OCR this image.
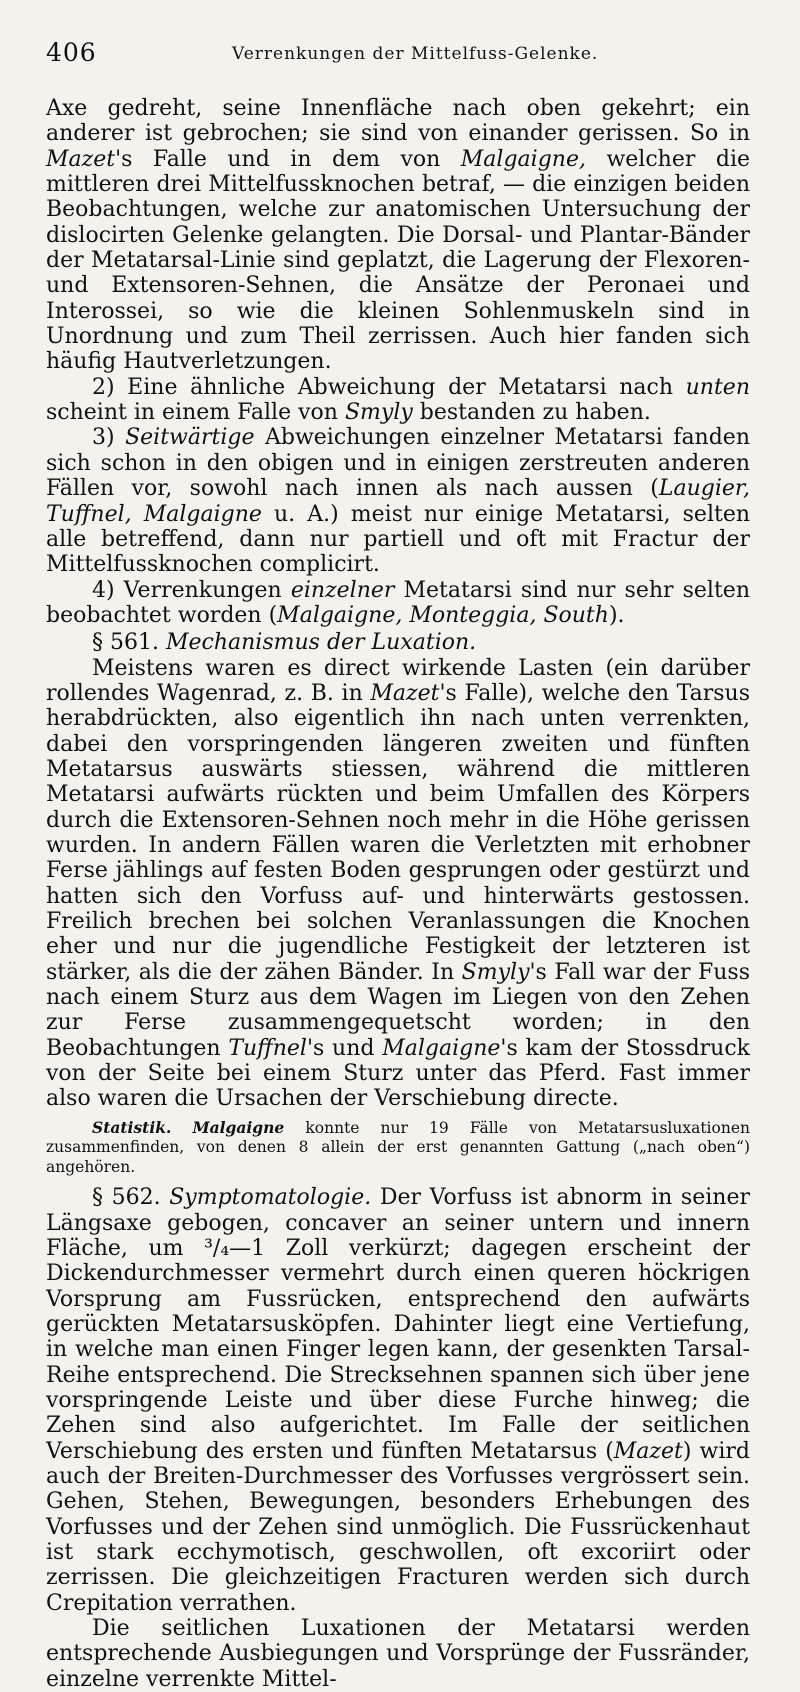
406	Verrenkungen der Mittelfuss-Gelenke.

Axe gedreht, seine Innenfläche nach oben gekehrt; ein anderer ist gebrochen; sie sind von einander gerissen. So in Mazet's Falle und in dem von Malgaigne, welcher die mittleren drei Mittelfussknochen betraf, — die einzigen beiden Beobachtungen, welche zur anatomischen Untersuchung der dislocirten Gelenke gelangten. Die Dorsal- und Plantar-Bänder der Metatarsal-Linie sind geplatzt, die Lagerung der Flexoren- und Extensoren-Sehnen, die Ansätze der Peronaei und Interossei, so wie die kleinen Sohlenmuskeln sind in Unordnung und zum Theil zerrissen. Auch hier fanden sich häufig Hautverletzungen.

2) Eine ähnliche Abweichung der Metatarsi nach unten scheint in einem Falle von Smyly bestanden zu haben.

3) Seitwärtige Abweichungen einzelner Metatarsi fanden sich schon in den obigen und in einigen zerstreuten anderen Fällen vor, sowohl nach innen als nach aussen (Laugier, Tuffnel, Malgaigne u. A.) meist nur einige Metatarsi, selten alle betreffend, dann nur partiell und oft mit Fractur der Mittelfussknochen complicirt.

4) Verrenkungen einzelner Metatarsi sind nur sehr selten beobachtet worden (Malgaigne, Monteggia, South).

§ 561. Mechanismus der Luxation.

Meistens waren es direct wirkende Lasten (ein darüber rollendes Wagenrad, z. B. in Mazet's Falle), welche den Tarsus herabdrückten, also eigentlich ihn nach unten verrenkten, dabei den vorspringenden längeren zweiten und fünften Metatarsus auswärts stiessen, während die mittleren Metatarsi aufwärts rückten und beim Umfallen des Körpers durch die Extensoren-Sehnen noch mehr in die Höhe gerissen wurden. In andern Fällen waren die Verletzten mit erhobner Ferse jählings auf festen Boden gesprungen oder gestürzt und hatten sich den Vorfuss auf- und hinterwärts gestossen. Freilich brechen bei solchen Veranlassungen die Knochen eher und nur die jugendliche Festigkeit der letzteren ist stärker, als die der zähen Bänder. In Smyly's Fall war der Fuss nach einem Sturz aus dem Wagen im Liegen von den Zehen zur Ferse zusammengequetscht worden; in den Beobachtungen Tuffnel's und Malgaigne's kam der Stossdruck von der Seite bei einem Sturz unter das Pferd. Fast immer also waren die Ursachen der Verschiebung directe.

Statistik. Malgaigne konnte nur 19 Fälle von Metatarsusluxationen zusammenfinden, von denen 8 allein der erst genannten Gattung („nach oben“) angehören.

§ 562. Symptomatologie. Der Vorfuss ist abnorm in seiner Längsaxe gebogen, concaver an seiner untern und innern Fläche, um ³/₄—1 Zoll verkürzt; dagegen erscheint der Dickendurchmesser vermehrt durch einen queren höckrigen Vorsprung am Fussrücken, entsprechend den aufwärts gerückten Metatarsusköpfen. Dahinter liegt eine Vertiefung, in welche man einen Finger legen kann, der gesenkten Tarsal-Reihe entsprechend. Die Strecksehnen spannen sich über jene vorspringende Leiste und über diese Furche hinweg; die Zehen sind also aufgerichtet. Im Falle der seitlichen Verschiebung des ersten und fünften Metatarsus (Mazet) wird auch der Breiten-Durchmesser des Vorfusses vergrössert sein. Gehen, Stehen, Bewegungen, besonders Erhebungen des Vorfusses und der Zehen sind unmöglich. Die Fussrückenhaut ist stark ecchymotisch, geschwollen, oft excoriirt oder zerrissen. Die gleichzeitigen Fracturen werden sich durch Crepitation verrathen.

Die seitlichen Luxationen der Metatarsi werden entsprechende Ausbiegungen und Vorsprünge der Fussränder, einzelne verrenkte Mittel-
